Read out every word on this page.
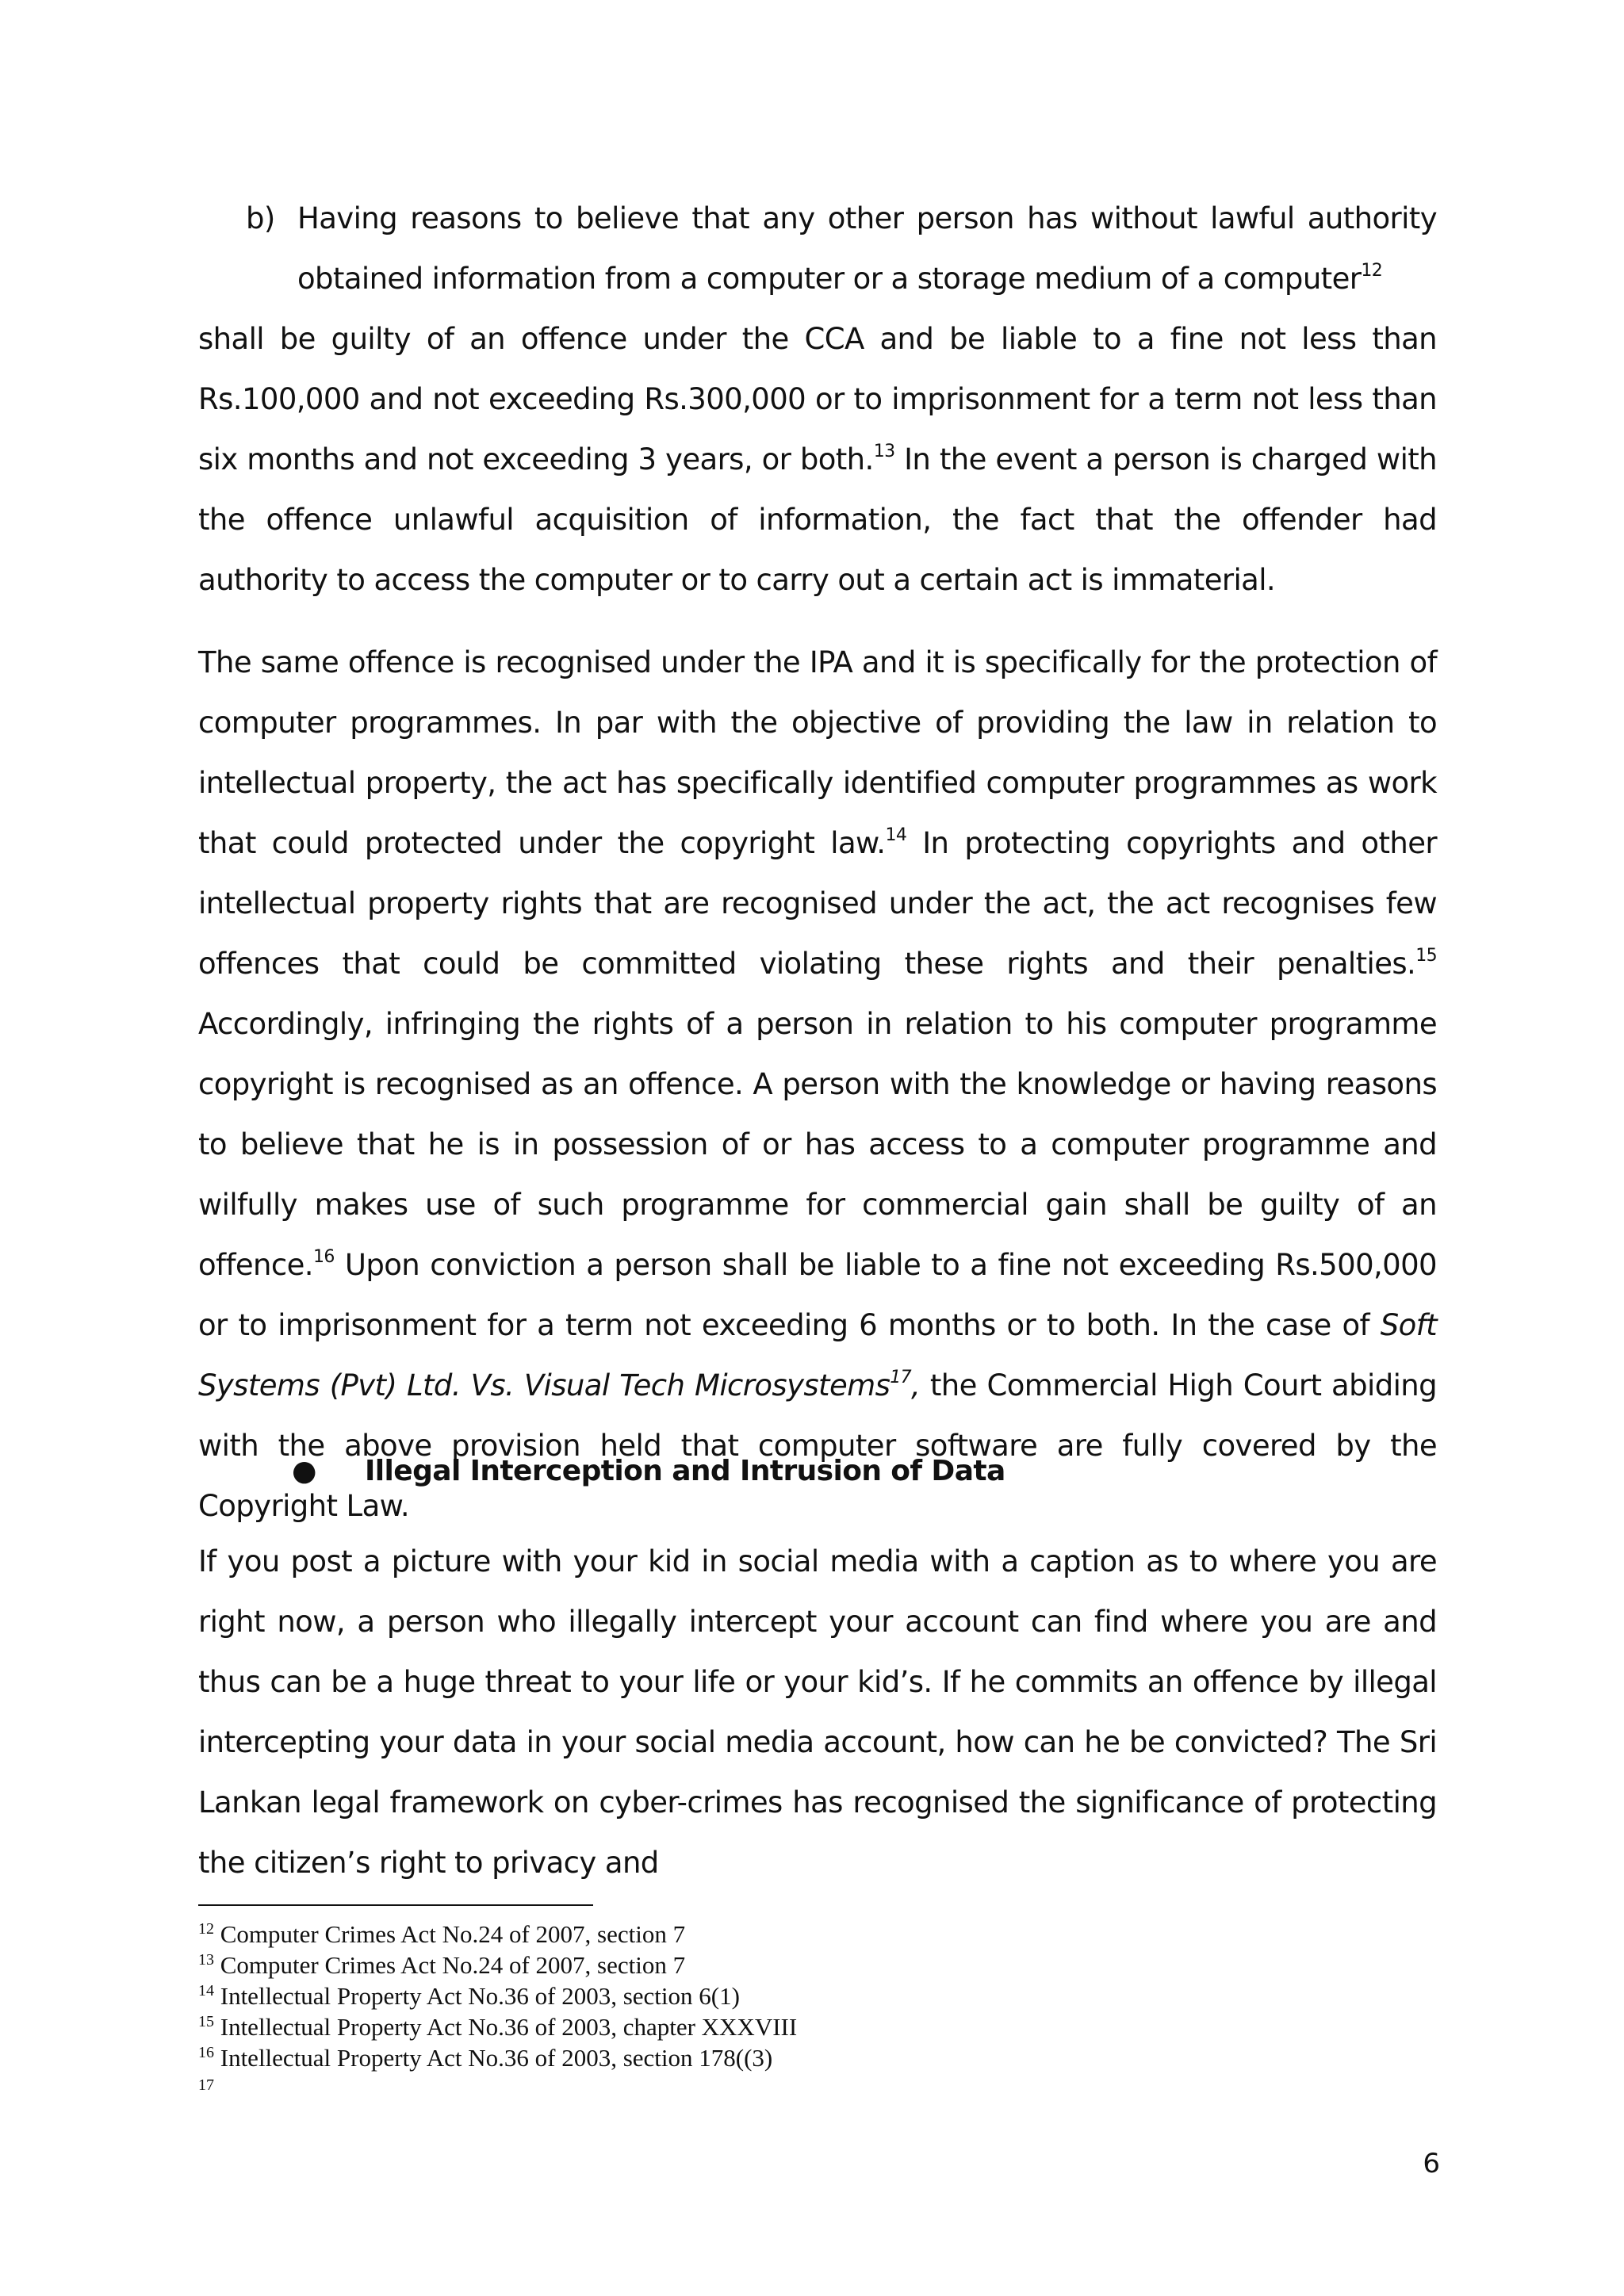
b) Having reasons to believe that any other person has without lawful authority obtained information from a computer or a storage medium of a computer$^{12}$

shall be guilty of an offence under the CCA and be liable to a fine not less than Rs.100,000 and not exceeding Rs.300,000 or to imprisonment for a term not less than six months and not exceeding 3 years, or both.$^{13}$ In the event a person is charged with the offence unlawful acquisition of information, the fact that the offender had authority to access the computer or to carry out a certain act is immaterial.

The same offence is recognised under the IPA and it is specifically for the protection of computer programmes. In par with the objective of providing the law in relation to intellectual property, the act has specifically identified computer programmes as work that could protected under the copyright law.$^{14}$ In protecting copyrights and other intellectual property rights that are recognised under the act, the act recognises few offences that could be committed violating these rights and their penalties.$^{15}$ Accordingly, infringing the rights of a person in relation to his computer programme copyright is recognised as an offence. A person with the knowledge or having reasons to believe that he is in possession of or has access to a computer programme and wilfully makes use of such programme for commercial gain shall be guilty of an offence.$^{16}$ Upon conviction a person shall be liable to a fine not exceeding Rs.500,000 or to imprisonment for a term not exceeding 6 months or to both. In the case of Soft Systems (Pvt) Ltd. Vs. Visual Tech Microsystems$^{17}$, the Commercial High Court abiding with the above provision held that computer software are fully covered by the Copyright Law.

● Illegal Interception and Intrusion of Data

If you post a picture with your kid in social media with a caption as to where you are right now, a person who illegally intercept your account can find where you are and thus can be a huge threat to your life or your kid’s. If he commits an offence by illegal intercepting your data in your social media account, how can he be convicted? The Sri Lankan legal framework on cyber-crimes has recognised the significance of protecting the citizen’s right to privacy and

$^{12}$ Computer Crimes Act No.24 of 2007, section 7
$^{13}$ Computer Crimes Act No.24 of 2007, section 7
$^{14}$ Intellectual Property Act No.36 of 2003, section 6(1)
$^{15}$ Intellectual Property Act No.36 of 2003, chapter XXXVIII
$^{16}$ Intellectual Property Act No.36 of 2003, section 178((3)
17
6
